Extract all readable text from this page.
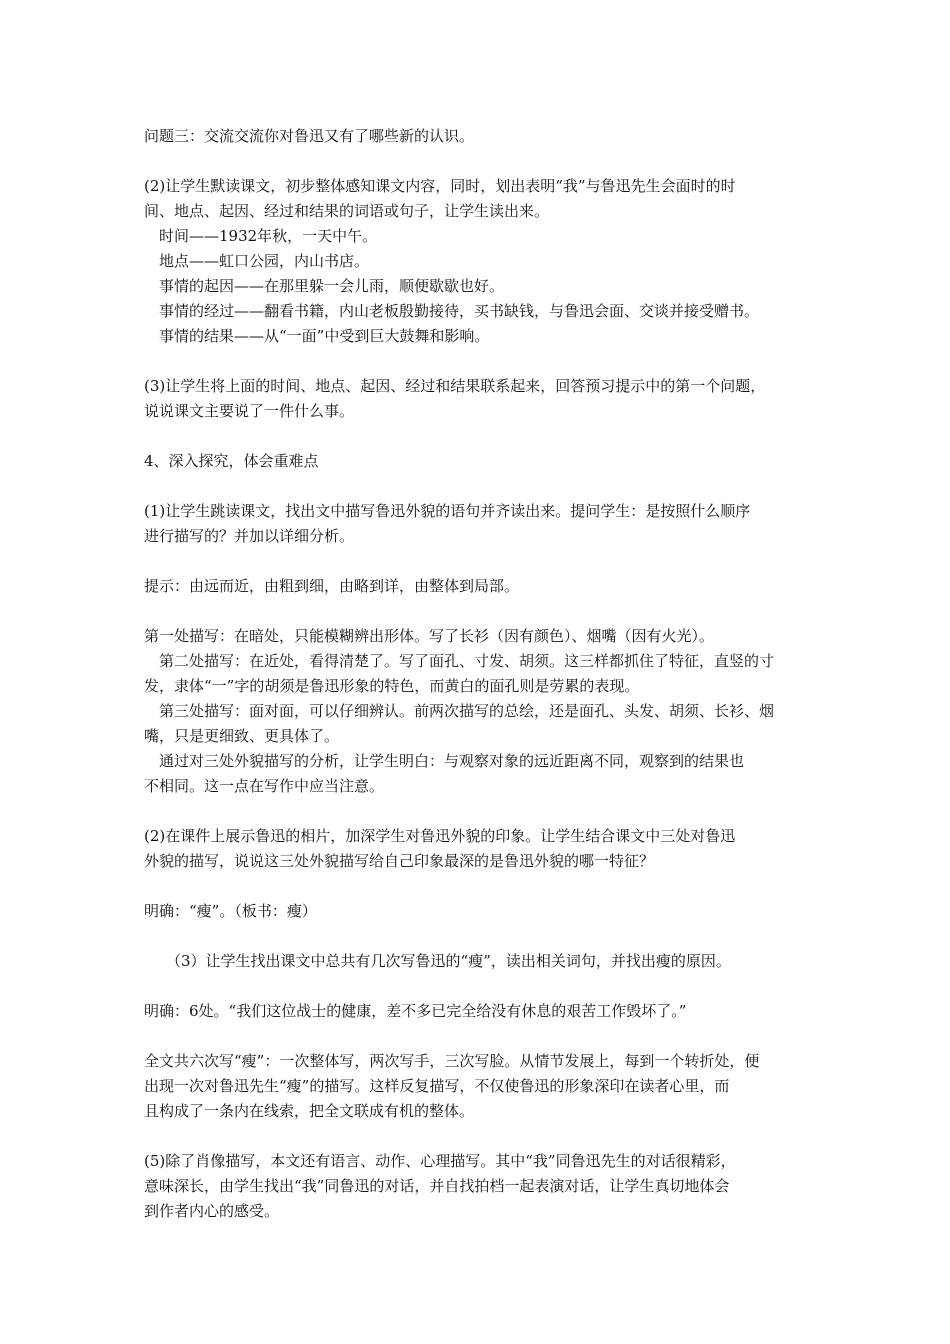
问题三：交流交流你对鲁迅又有了哪些新的认识。

(2)让学生默读课文，初步整体感知课文内容，同时，划出表明“我”与鲁迅先生会面时的时
间、地点、起因、经过和结果的词语或句子，让学生读出来。
时间——1932年秋，一天中午。
地点——虹口公园，内山书店。
事情的起因——在那里躲一会儿雨，顺便歇歇也好。
事情的经过——翻看书籍，内山老板殷勤接待，买书缺钱，与鲁迅会面、交谈并接受赠书。
事情的结果——从“一面”中受到巨大鼓舞和影响。

(3)让学生将上面的时间、地点、起因、经过和结果联系起来，回答预习提示中的第一个问题，
说说课文主要说了一件什么事。

4、深入探究，体会重难点

(1)让学生跳读课文，找出文中描写鲁迅外貌的语句并齐读出来。提问学生：是按照什么顺序
进行描写的？并加以详细分析。

提示：由远而近，由粗到细，由略到详，由整体到局部。

第一处描写：在暗处，只能模糊辨出形体。写了长衫（因有颜色）、烟嘴（因有火光）。
第二处描写：在近处，看得清楚了。写了面孔、寸发、胡须。这三样都抓住了特征，直竖的寸
发，隶体“一”字的胡须是鲁迅形象的特色，而黄白的面孔则是劳累的表现。
第三处描写：面对面，可以仔细辨认。前两次描写的总绘，还是面孔、头发、胡须、长衫、烟
嘴，只是更细致、更具体了。
通过对三处外貌描写的分析，让学生明白：与观察对象的远近距离不同，观察到的结果也
不相同。这一点在写作中应当注意。

(2)在课件上展示鲁迅的相片，加深学生对鲁迅外貌的印象。让学生结合课文中三处对鲁迅
外貌的描写，说说这三处外貌描写给自己印象最深的是鲁迅外貌的哪一特征？

明确：“瘦”。（板书：瘦）

（3）让学生找出课文中总共有几次写鲁迅的“瘦”，读出相关词句，并找出瘦的原因。

明确：6处。“我们这位战士的健康，差不多已完全给没有休息的艰苦工作毁坏了。”

全文共六次写“瘦”：一次整体写，两次写手，三次写脸。从情节发展上，每到一个转折处，便
出现一次对鲁迅先生“瘦”的描写。这样反复描写，不仅使鲁迅的形象深印在读者心里，而
且构成了一条内在线索，把全文联成有机的整体。

(5)除了肖像描写，本文还有语言、动作、心理描写。其中“我”同鲁迅先生的对话很精彩，
意味深长，由学生找出“我”同鲁迅的对话，并自找拍档一起表演对话，让学生真切地体会
到作者内心的感受。
